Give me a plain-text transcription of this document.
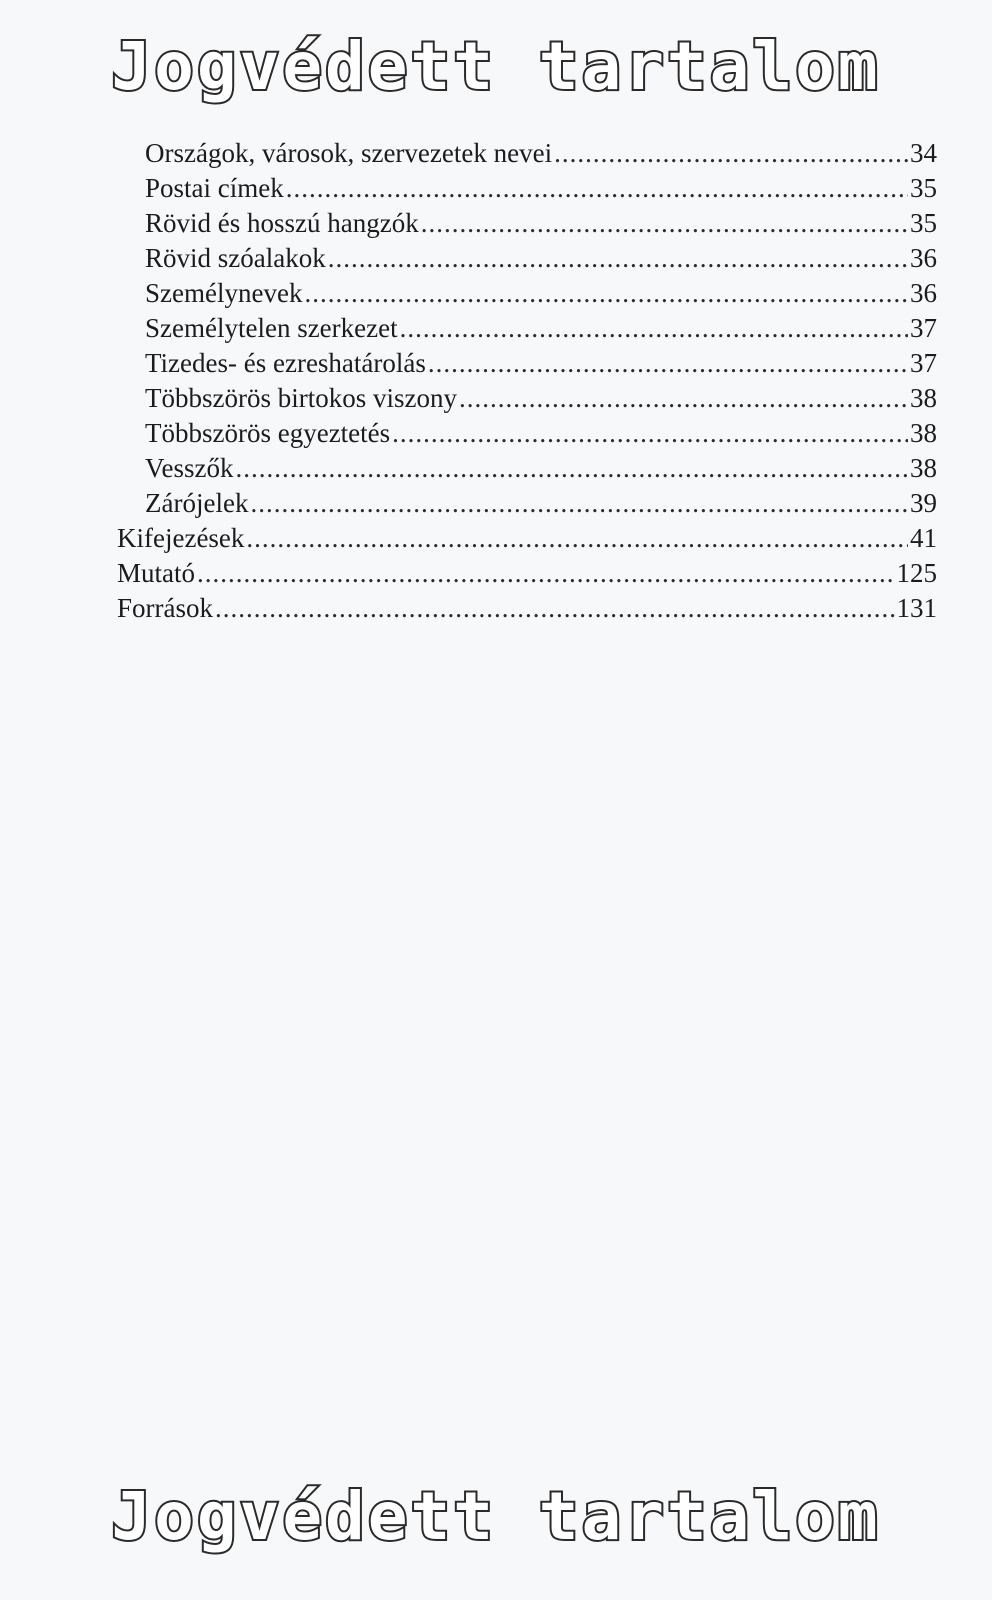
Jogvédett tartalom
Országok, városok, szervezetek nevei .....	34
Postai címek .....	35
Rövid és hosszú hangzók .....	35
Rövid szóalakok .....	36
Személynevek .....	36
Személytelen szerkezet .....	37
Tizedes- és ezreshatárolás .....	37
Többszörös birtokos viszony .....	38
Többszörös egyeztetés .....	38
Vesszők .....	38
Zárójelek .....	39
Kifejezések .....	41
Mutató .....	125
Források .....	131
Jogvédett tartalom
